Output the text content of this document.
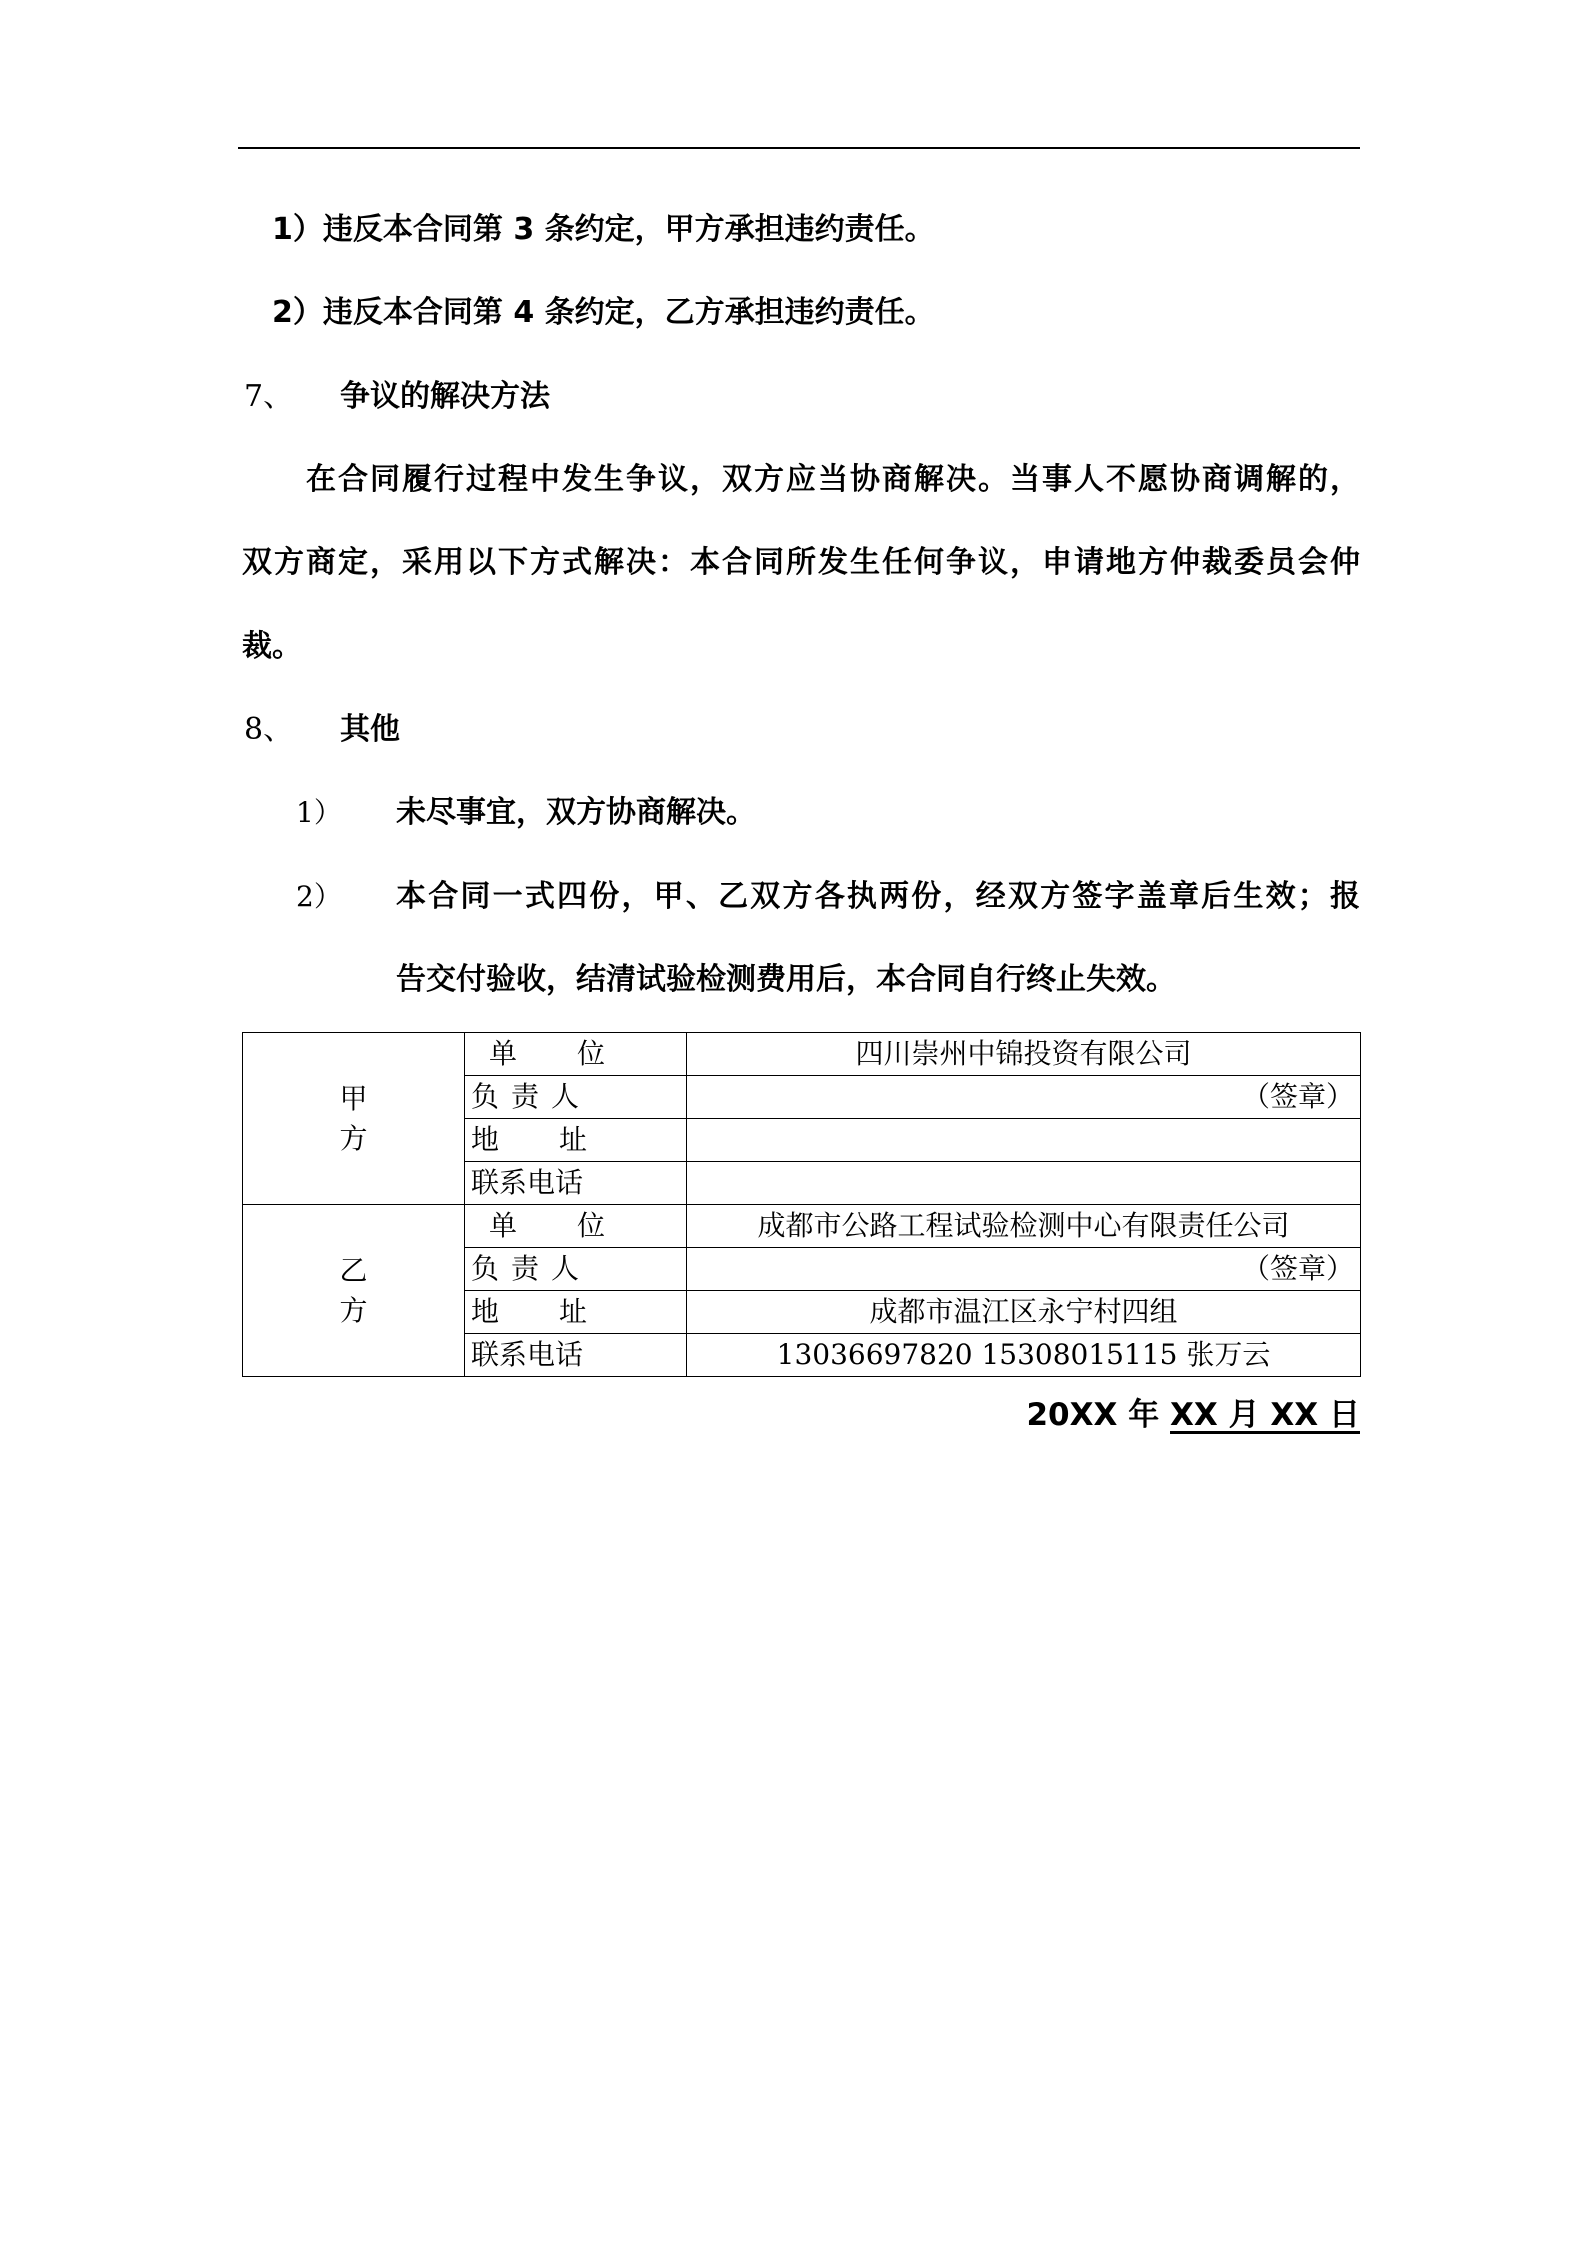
1）违反本合同第 3 条约定，甲方承担违约责任。
2）违反本合同第 4 条约定，乙方承担违约责任。
7、 争议的解决方法
在合同履行过程中发生争议，双方应当协商解决。当事人不愿协商调解的，
双方商定，采用以下方式解决：本合同所发生任何争议，申请地方仲裁委员会仲
裁。
8、 其他
1） 未尽事宜，双方协商解决。
2） 本合同一式四份，甲、乙双方各执两份，经双方签字盖章后生效；报
告交付验收，结清试验检测费用后，本合同自行终止失效。
甲
方	单位	四川崇州中锦投资有限公司
	负责人	（签章）
	地址	
	联系电话	

乙
方	单位	成都市公路工程试验检测中心有限责任公司
	负责人	（签章）
	地址	成都市温江区永宁村四组
	联系电话	13036697820 15308015115 张万云
20XX 年 XX 月 XX 日
